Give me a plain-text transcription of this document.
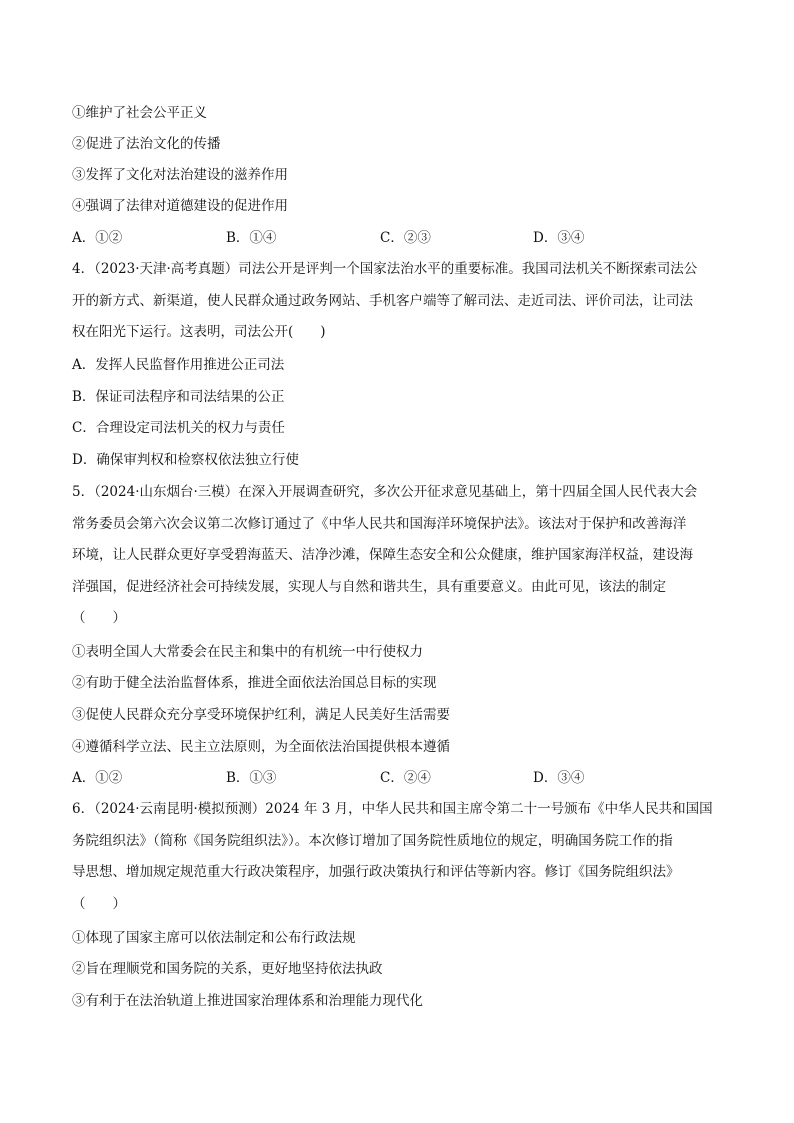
①维护了社会公平正义
②促进了法治文化的传播
③发挥了文化对法治建设的滋养作用
④强调了法律对道德建设的促进作用
A．①②	B．①④	C．②③	D．③④
4．（2023·天津·高考真题）司法公开是评判一个国家法治水平的重要标准。我国司法机关不断探索司法公
开的新方式、新渠道，使人民群众通过政务网站、手机客户端等了解司法、走近司法、评价司法，让司法
权在阳光下运行。这表明，司法公开(　　)
A．发挥人民监督作用推进公正司法
B．保证司法程序和司法结果的公正
C．合理设定司法机关的权力与责任
D．确保审判权和检察权依法独立行使
5．（2024·山东烟台·三模）在深入开展调查研究，多次公开征求意见基础上，第十四届全国人民代表大会
常务委员会第六次会议第二次修订通过了《中华人民共和国海洋环境保护法》。该法对于保护和改善海洋
环境，让人民群众更好享受碧海蓝天、洁净沙滩，保障生态安全和公众健康，维护国家海洋权益，建设海
洋强国，促进经济社会可持续发展，实现人与自然和谐共生，具有重要意义。由此可见，该法的制定
（　　）
①表明全国人大常委会在民主和集中的有机统一中行使权力
②有助于健全法治监督体系，推进全面依法治国总目标的实现
③促使人民群众充分享受环境保护红利，满足人民美好生活需要
④遵循科学立法、民主立法原则，为全面依法治国提供根本遵循
A．①②	B．①③	C．②④	D．③④
6．（2024·云南昆明·模拟预测）2024 年 3 月，中华人民共和国主席令第二十一号颁布《中华人民共和国国
务院组织法》（简称《国务院组织法》）。本次修订增加了国务院性质地位的规定，明确国务院工作的指
导思想、增加规定规范重大行政决策程序，加强行政决策执行和评估等新内容。修订《国务院组织法》
（　　）
①体现了国家主席可以依法制定和公布行政法规
②旨在理顺党和国务院的关系，更好地坚持依法执政
③有利于在法治轨道上推进国家治理体系和治理能力现代化
